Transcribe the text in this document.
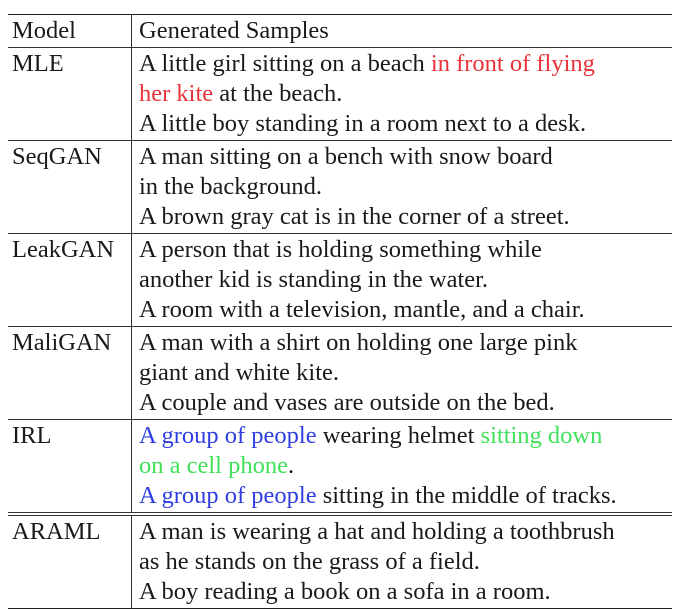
Model	Generated Samples
MLE	A little girl sitting on a beach in front of flying
her kite at the beach.
A little boy standing in a room next to a desk.
SeqGAN	A man sitting on a bench with snow board
in the background.
A brown gray cat is in the corner of a street.
LeakGAN	A person that is holding something while
another kid is standing in the water.
A room with a television, mantle, and a chair.
MaliGAN	A man with a shirt on holding one large pink
giant and white kite.
A couple and vases are outside on the bed.
IRL	A group of people wearing helmet sitting down
on a cell phone.
A group of people sitting in the middle of tracks.
ARAML	A man is wearing a hat and holding a toothbrush
as he stands on the grass of a field.
A boy reading a book on a sofa in a room.
